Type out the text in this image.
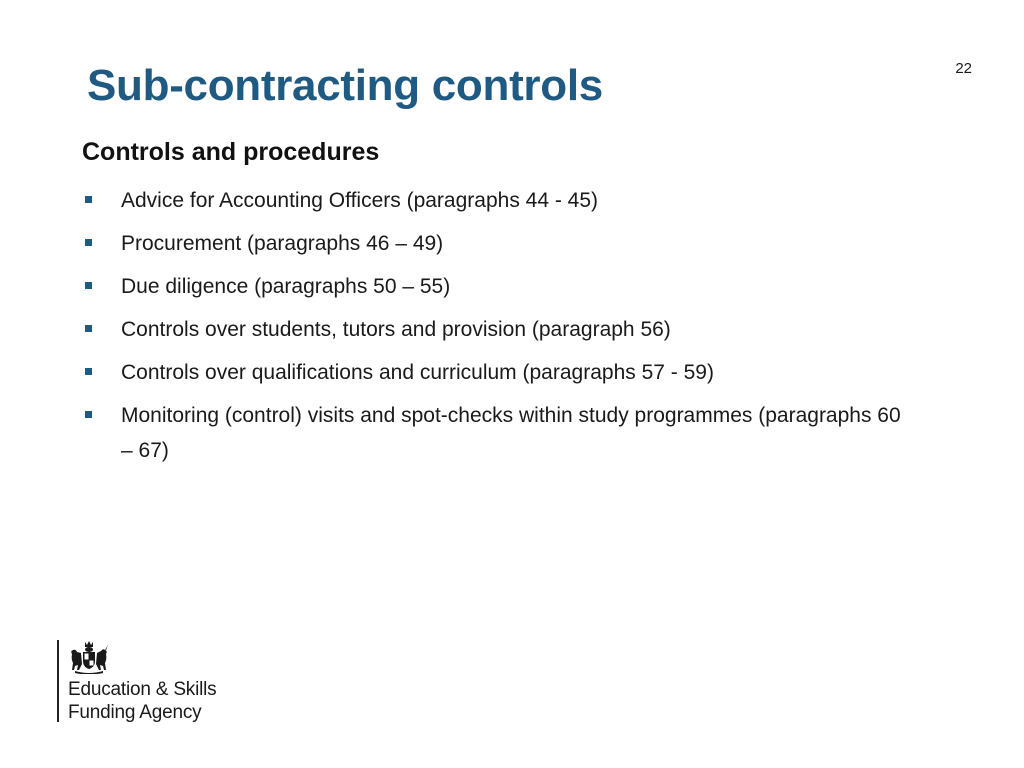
22
Sub-contracting controls
Controls and procedures
Advice for Accounting Officers (paragraphs 44 - 45)
Procurement (paragraphs 46 – 49)
Due diligence (paragraphs 50 – 55)
Controls over students, tutors and provision (paragraph 56)
Controls over qualifications and curriculum (paragraphs 57 - 59)
Monitoring (control) visits and spot-checks within study programmes (paragraphs 60 – 67)
Education & Skills
Funding Agency
